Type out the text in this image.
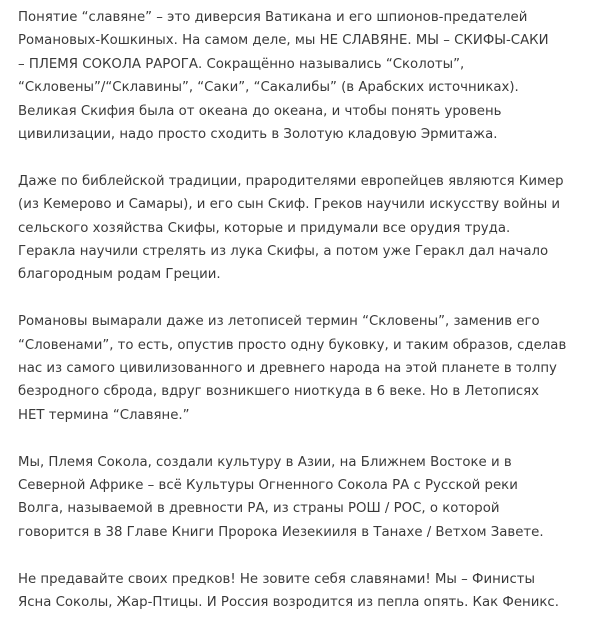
Понятие “славяне” – это диверсия Ватикана и его шпионов-предателей
Романовых-Кошкиных. На самом деле, мы НЕ СЛАВЯНЕ. МЫ – СКИФЫ-САКИ
– ПЛЕМЯ СОКОЛА РАРОГА. Сокращённо назывались “Сколоты”,
“Скловены”/“Склавины”, “Саки”, “Сакалибы” (в Арабских источниках).
Великая Скифия была от океана до океана, и чтобы понять уровень
цивилизации, надо просто сходить в Золотую кладовую Эрмитажа.
Даже по библейской традиции, прародителями европейцев являются Кимер
(из Кемерово и Самары), и его сын Скиф. Греков научили искусству войны и
сельского хозяйства Скифы, которые и придумали все орудия труда.
Геракла научили стрелять из лука Скифы, а потом уже Геракл дал начало
благородным родам Греции.
Романовы вымарали даже из летописей термин “Скловены”, заменив его
“Словенами”, то есть, опустив просто одну буковку, и таким образов, сделав
нас из самого цивилизованного и древнего народа на этой планете в толпу
безродного сброда, вдруг возникшего ниоткуда в 6 веке. Но в Летописях
НЕТ термина “Славяне.”
Мы, Племя Сокола, создали культуру в Азии, на Ближнем Востоке и в
Северной Африке – всё Культуры Огненного Сокола РА с Русской реки
Волга, называемой в древности РА, из страны РОШ / РОС, о которой
говорится в 38 Главе Книги Пророка Иезекииля в Танахе / Ветхом Завете.
Не предавайте своих предков! Не зовите себя славянами! Мы – Финисты
Ясна Соколы, Жар-Птицы. И Россия возродится из пепла опять. Как Феникс.
